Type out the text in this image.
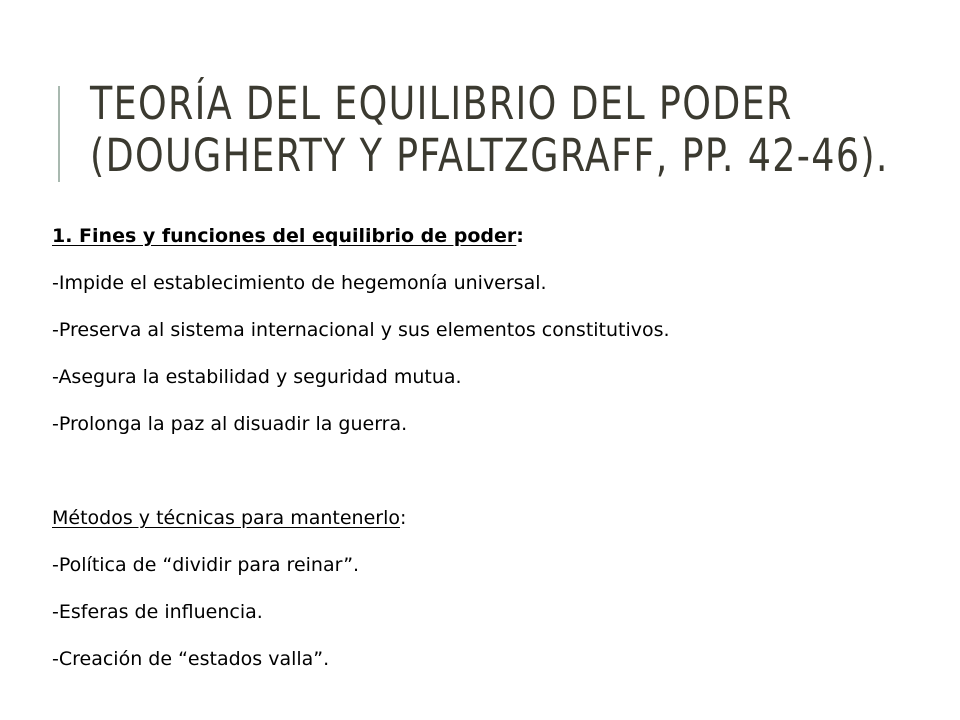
TEORÍA DEL EQUILIBRIO DEL PODER
(DOUGHERTY Y PFALTZGRAFF, PP. 42-46).
1. Fines y funciones del equilibrio de poder:
-Impide el establecimiento de hegemonía universal.
-Preserva al sistema internacional y sus elementos constitutivos.
-Asegura la estabilidad y seguridad mutua.
-Prolonga la paz al disuadir la guerra.
Métodos y técnicas para mantenerlo:
-Política de “dividir para reinar”.
-Esferas de influencia.
-Creación de “estados valla”.
